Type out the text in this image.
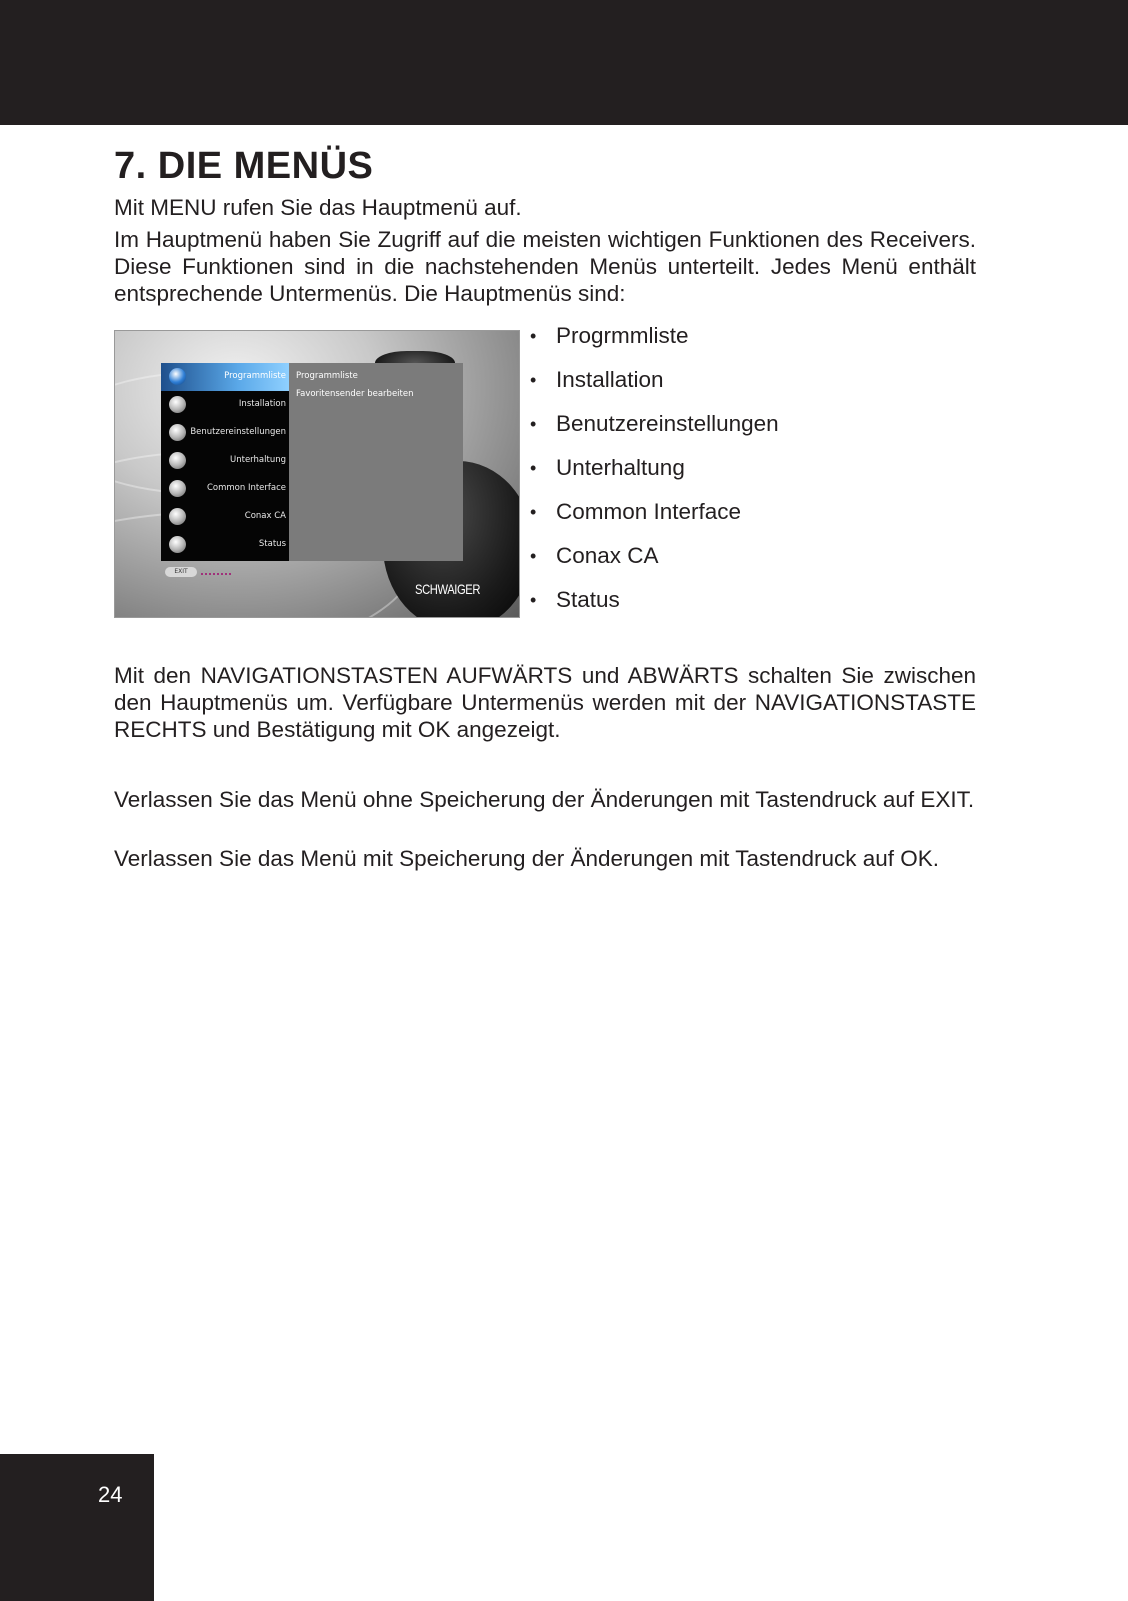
7. DIE MENÜS

Mit MENU rufen Sie das Hauptmenü auf.

Im Hauptmenü haben Sie Zugriff auf die meisten wichtigen Funktionen des Receivers. Diese Funktionen sind in die nachstehenden Menüs unterteilt. Jedes Menü enthält entsprechende Untermenüs. Die Hauptmenüs sind:

Programmliste
Installation
Benutzereinstellungen
Unterhaltung
Common Interface
Conax CA
Status
Programmliste
Favoritensender bearbeiten
EXIT
SCHWAIGER
• Progrmmliste
• Installation
• Benutzereinstellungen
• Unterhaltung
• Common Interface
• Conax CA
• Status

Mit den NAVIGATIONSTASTEN AUFWÄRTS und ABWÄRTS schalten Sie zwischen den Hauptmenüs um. Verfügbare Untermenüs werden mit der NAVIGATIONSTASTE RECHTS und Bestätigung mit OK angezeigt.

Verlassen Sie das Menü ohne Speicherung der Änderungen mit Tastendruck auf EXIT.

Verlassen Sie das Menü mit Speicherung der Änderungen mit Tastendruck auf OK.

24
